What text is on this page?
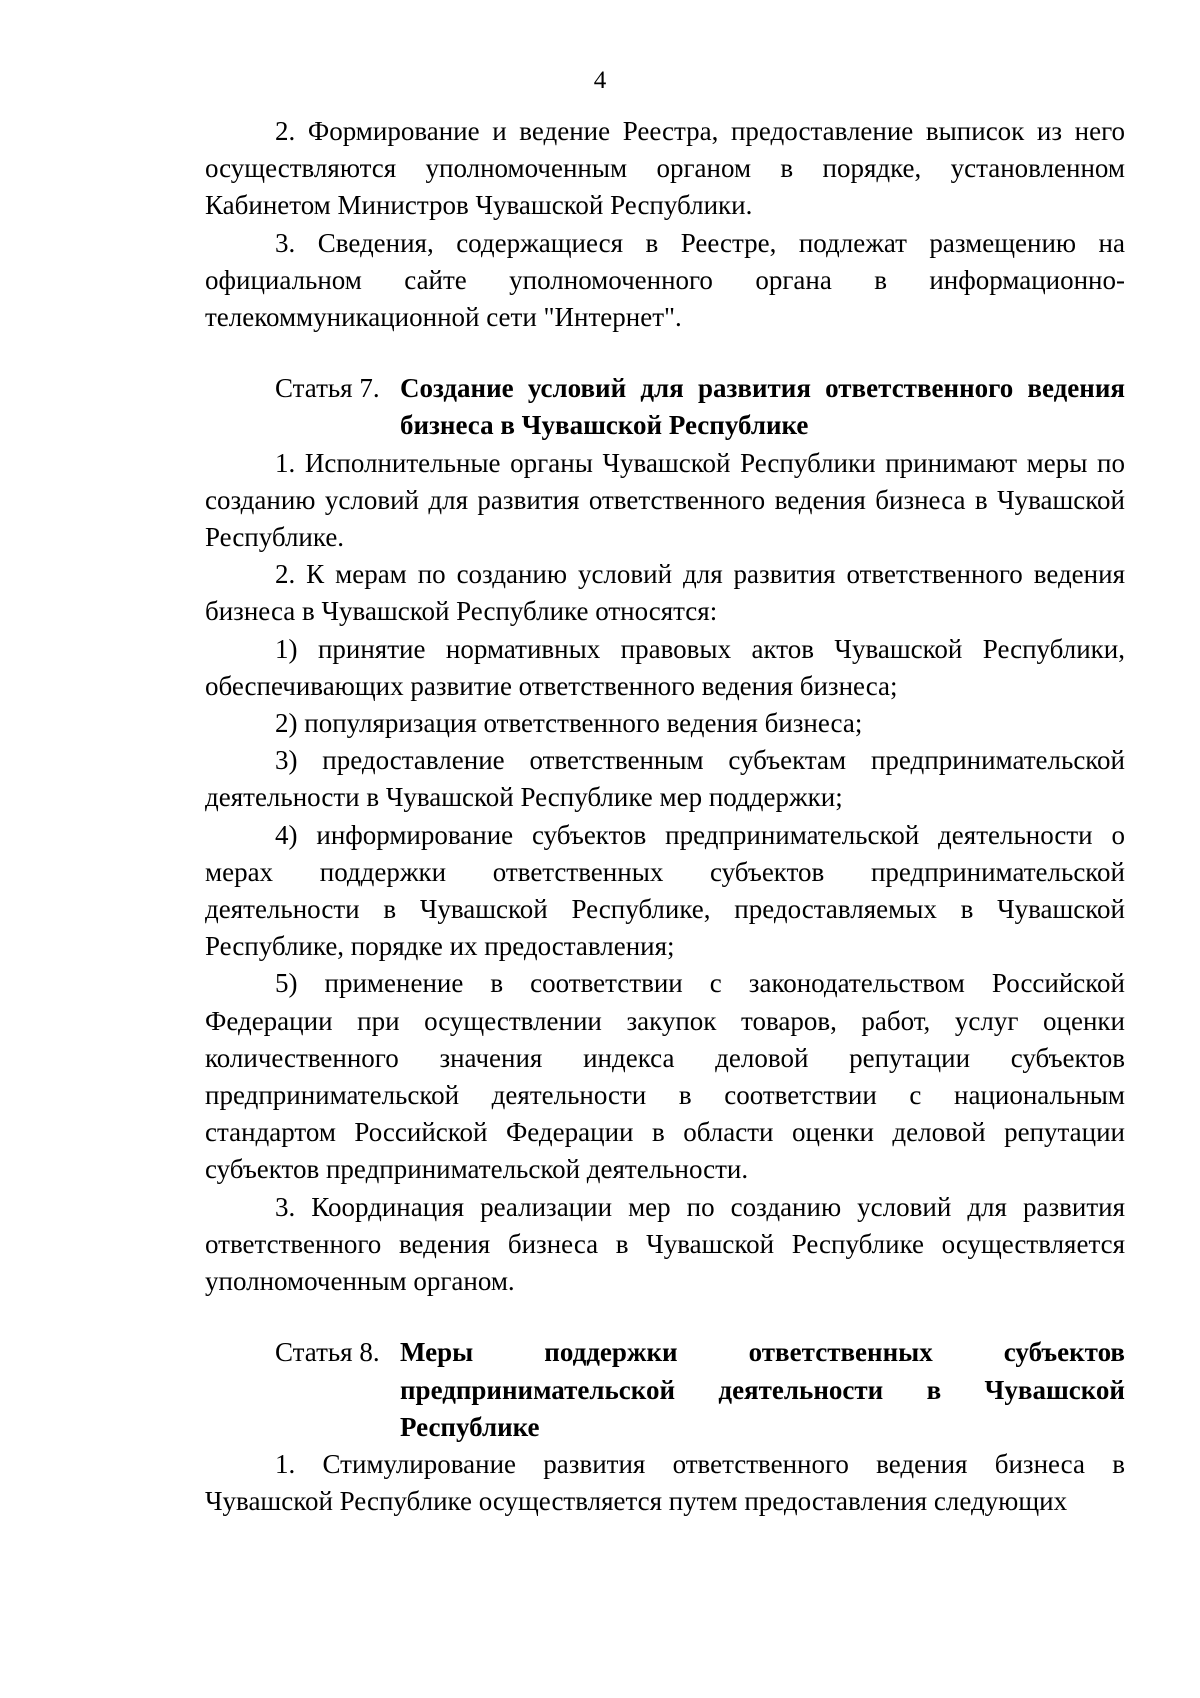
4

2. Формирование и ведение Реестра, предоставление выписок из него осуществляются уполномоченным органом в порядке, установленном Кабинетом Министров Чувашской Республики.

3. Сведения, содержащиеся в Реестре, подлежат размещению на официальном сайте уполномоченного органа в информационно-телекоммуникационной сети "Интернет".

Статья 7. Создание условий для развития ответственного ведения бизнеса в Чувашской Республике

1. Исполнительные органы Чувашской Республики принимают меры по созданию условий для развития ответственного ведения бизнеса в Чувашской Республике.

2. К мерам по созданию условий для развития ответственного ведения бизнеса в Чувашской Республике относятся:

1) принятие нормативных правовых актов Чувашской Республики, обеспечивающих развитие ответственного ведения бизнеса;

2) популяризация ответственного ведения бизнеса;

3) предоставление ответственным субъектам предпринимательской деятельности в Чувашской Республике мер поддержки;

4) информирование субъектов предпринимательской деятельности о мерах поддержки ответственных субъектов предпринимательской деятельности в Чувашской Республике, предоставляемых в Чувашской Республике, порядке их предоставления;

5) применение в соответствии с законодательством Российской Федерации при осуществлении закупок товаров, работ, услуг оценки количественного значения индекса деловой репутации субъектов предпринимательской деятельности в соответствии с национальным стандартом Российской Федерации в области оценки деловой репутации субъектов предпринимательской деятельности.

3. Координация реализации мер по созданию условий для развития ответственного ведения бизнеса в Чувашской Республике осуществляется уполномоченным органом.

Статья 8. Меры поддержки ответственных субъектов предпринимательской деятельности в Чувашской Республике

1. Стимулирование развития ответственного ведения бизнеса в Чувашской Республике осуществляется путем предоставления следующих
